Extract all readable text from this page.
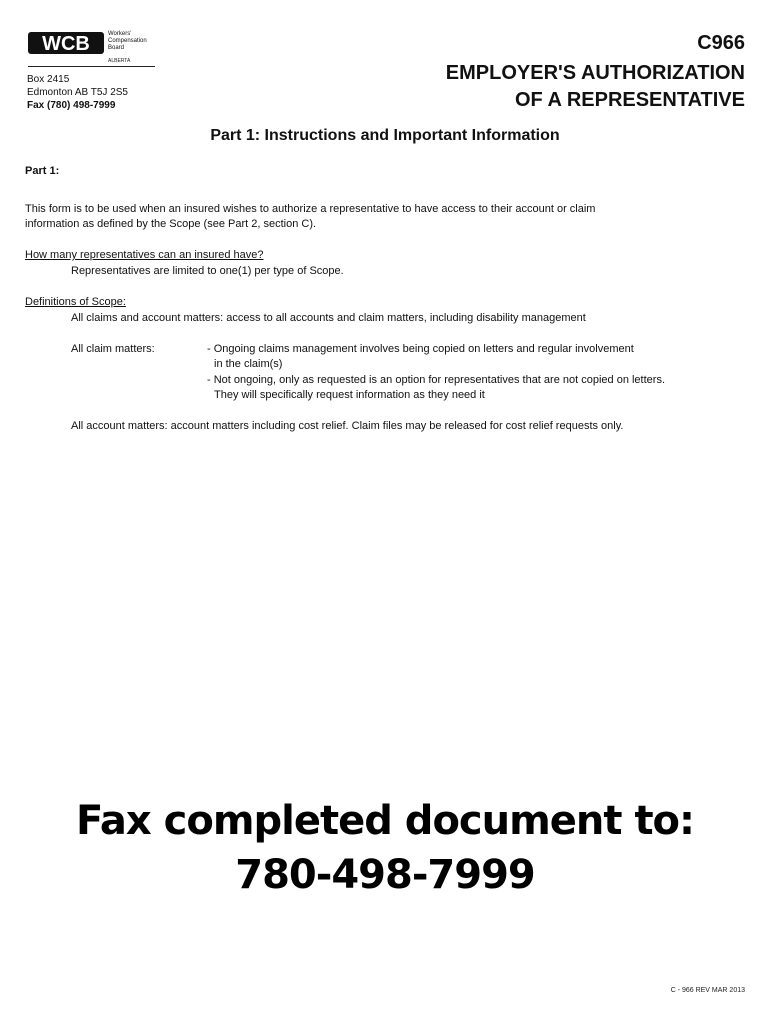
WCB	Workers'
Compensation
Board
ALBERTA
Box 2415
Edmonton AB T5J 2S5
Fax (780) 498-7999
C966
EMPLOYER'S AUTHORIZATION
OF A REPRESENTATIVE
Part 1: Instructions and Important Information
Part 1:
This form is to be used when an insured wishes to authorize a representative to have access to their account or claim
information as defined by the Scope (see Part 2, section C).
How many representatives can an insured have?
Representatives are limited to one(1) per type of Scope.
Definitions of Scope:
All claims and account matters: access to all accounts and claim matters, including disability management
All claim matters:	- Ongoing claims management involves being copied on letters and regular involvement
in the claim(s)
- Not ongoing, only as requested is an option for representatives that are not copied on letters.
They will specifically request information as they need it
All account matters: account matters including cost relief. Claim files may be released for cost relief requests only.
Fax completed document to:
780-498-7999
C - 966 REV MAR 2013
